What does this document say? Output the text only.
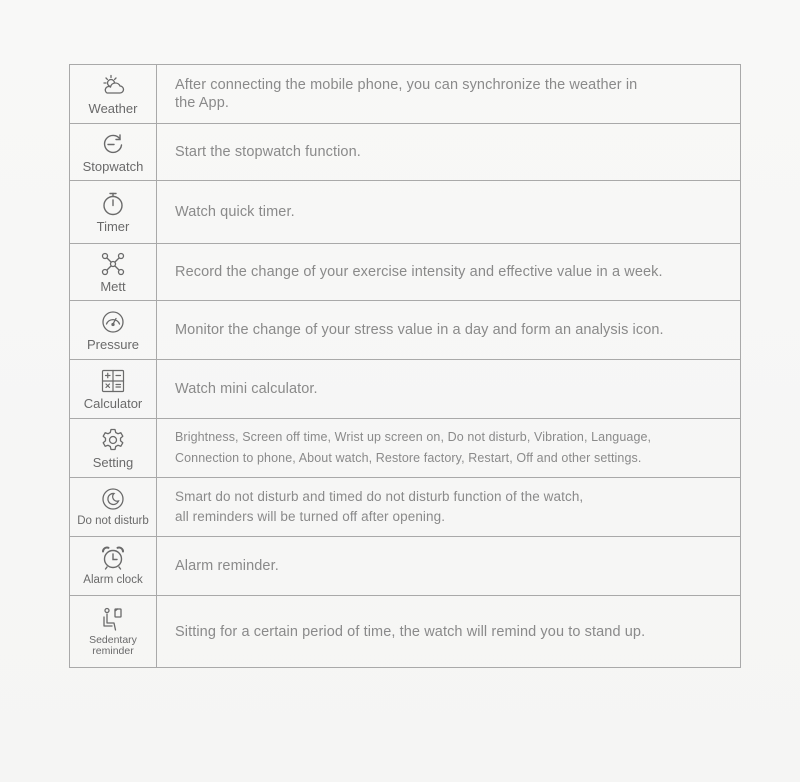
Weather	After connecting the mobile phone, you can synchronize the weather in
the App.

Stopwatch	Start the stopwatch function.

Timer	Watch quick timer.

Mett	Record the change of your exercise intensity and effective value in a week.

Pressure	Monitor the change of your stress value in a day and form an analysis icon.

Calculator	Watch mini calculator.

Setting	Brightness, Screen off time, Wrist up screen on, Do not disturb, Vibration, Language,
Connection to phone, About watch, Restore factory, Restart, Off and other settings.

Do not disturb	Smart do not disturb and timed do not disturb function of the watch,
all reminders will be turned off after opening.

Alarm clock	Alarm reminder.

Sedentary
reminder	Sitting for a certain period of time, the watch will remind you to stand up.
